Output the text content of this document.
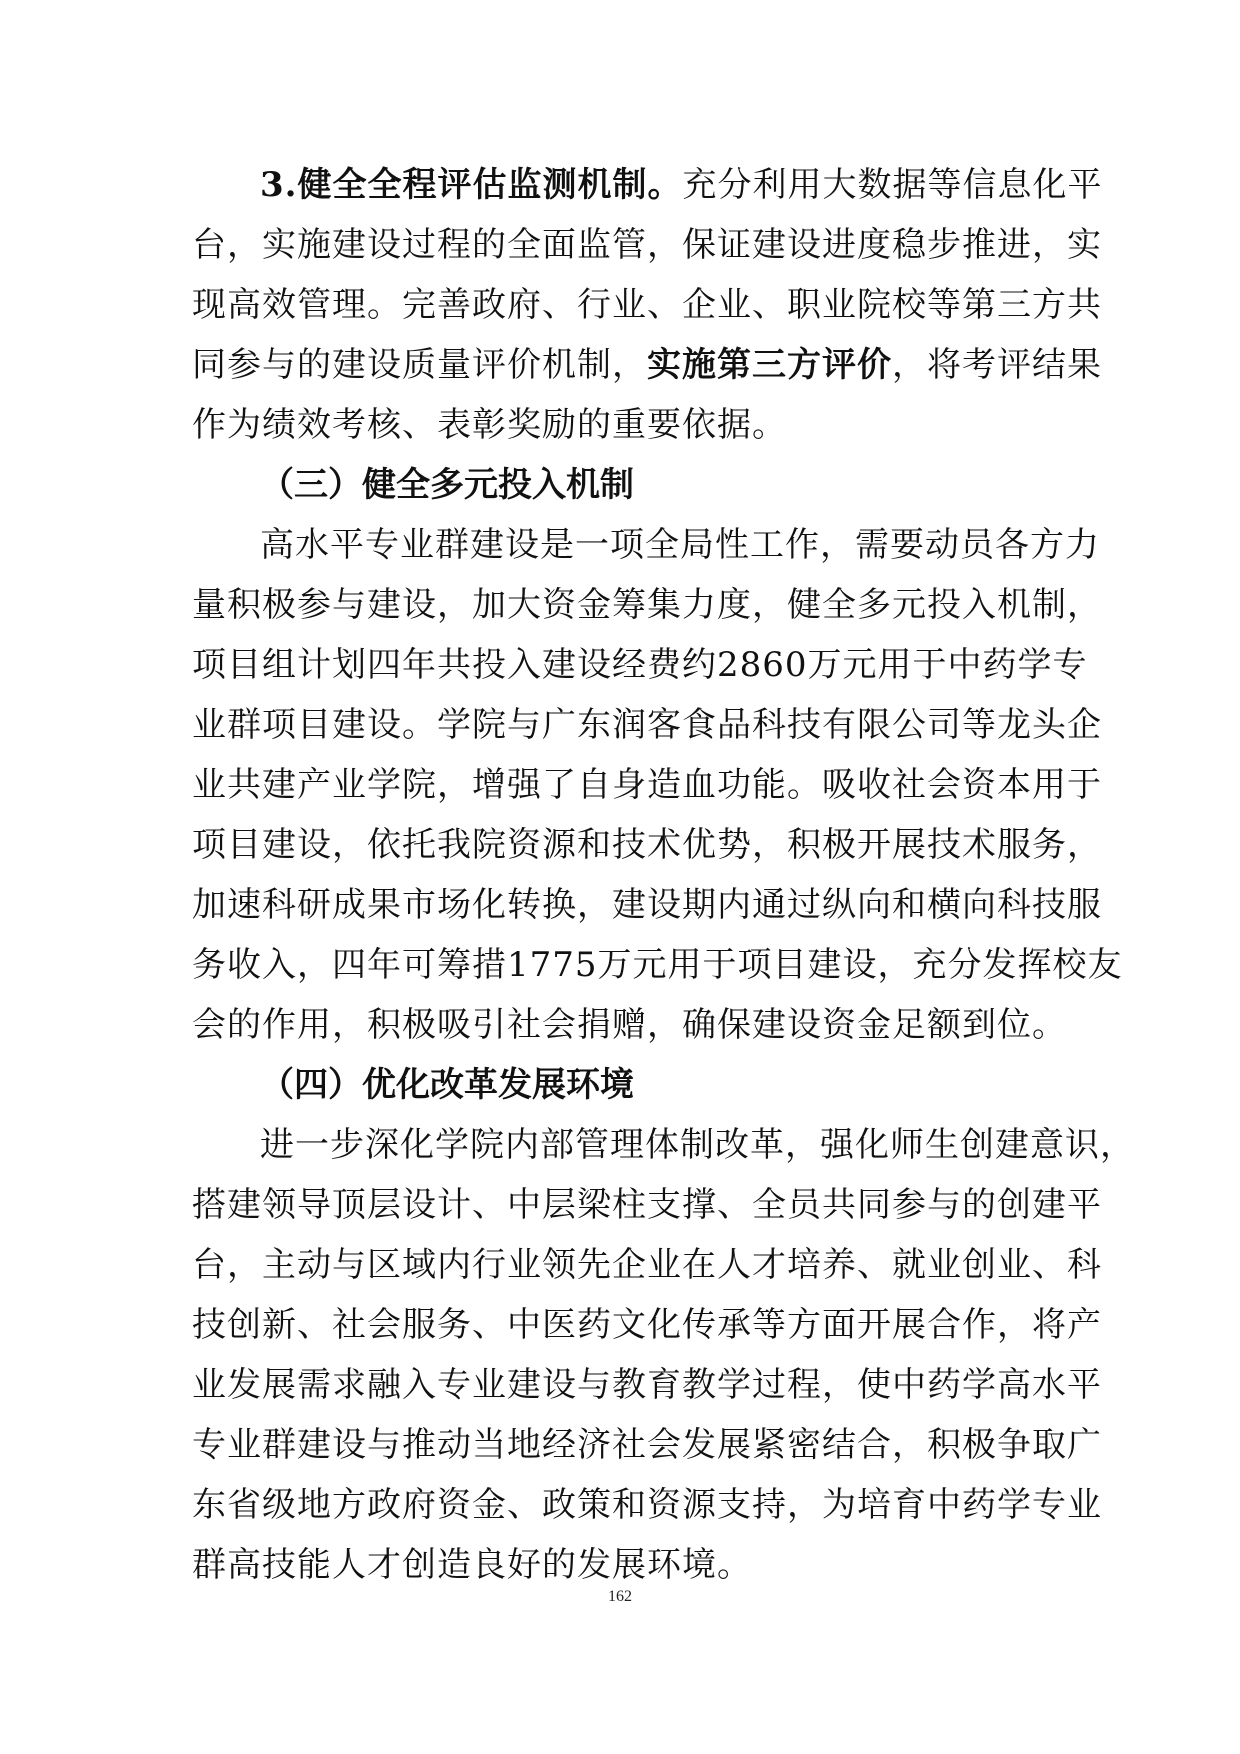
3.健全全程评估监测机制。充分利用大数据等信息化平
台，实施建设过程的全面监管，保证建设进度稳步推进，实
现高效管理。完善政府、行业、企业、职业院校等第三方共
同参与的建设质量评价机制，实施第三方评价，将考评结果
作为绩效考核、表彰奖励的重要依据。
（三）健全多元投入机制
高水平专业群建设是一项全局性工作，需要动员各方力
量积极参与建设，加大资金筹集力度，健全多元投入机制，
项目组计划四年共投入建设经费约2860万元用于中药学专
业群项目建设。学院与广东润客食品科技有限公司等龙头企
业共建产业学院，增强了自身造血功能。吸收社会资本用于
项目建设，依托我院资源和技术优势，积极开展技术服务，
加速科研成果市场化转换，建设期内通过纵向和横向科技服
务收入，四年可筹措1775万元用于项目建设，充分发挥校友
会的作用，积极吸引社会捐赠，确保建设资金足额到位。
（四）优化改革发展环境
进一步深化学院内部管理体制改革，强化师生创建意识，
搭建领导顶层设计、中层梁柱支撑、全员共同参与的创建平
台，主动与区域内行业领先企业在人才培养、就业创业、科
技创新、社会服务、中医药文化传承等方面开展合作，将产
业发展需求融入专业建设与教育教学过程，使中药学高水平
专业群建设与推动当地经济社会发展紧密结合，积极争取广
东省级地方政府资金、政策和资源支持，为培育中药学专业
群高技能人才创造良好的发展环境。
162
